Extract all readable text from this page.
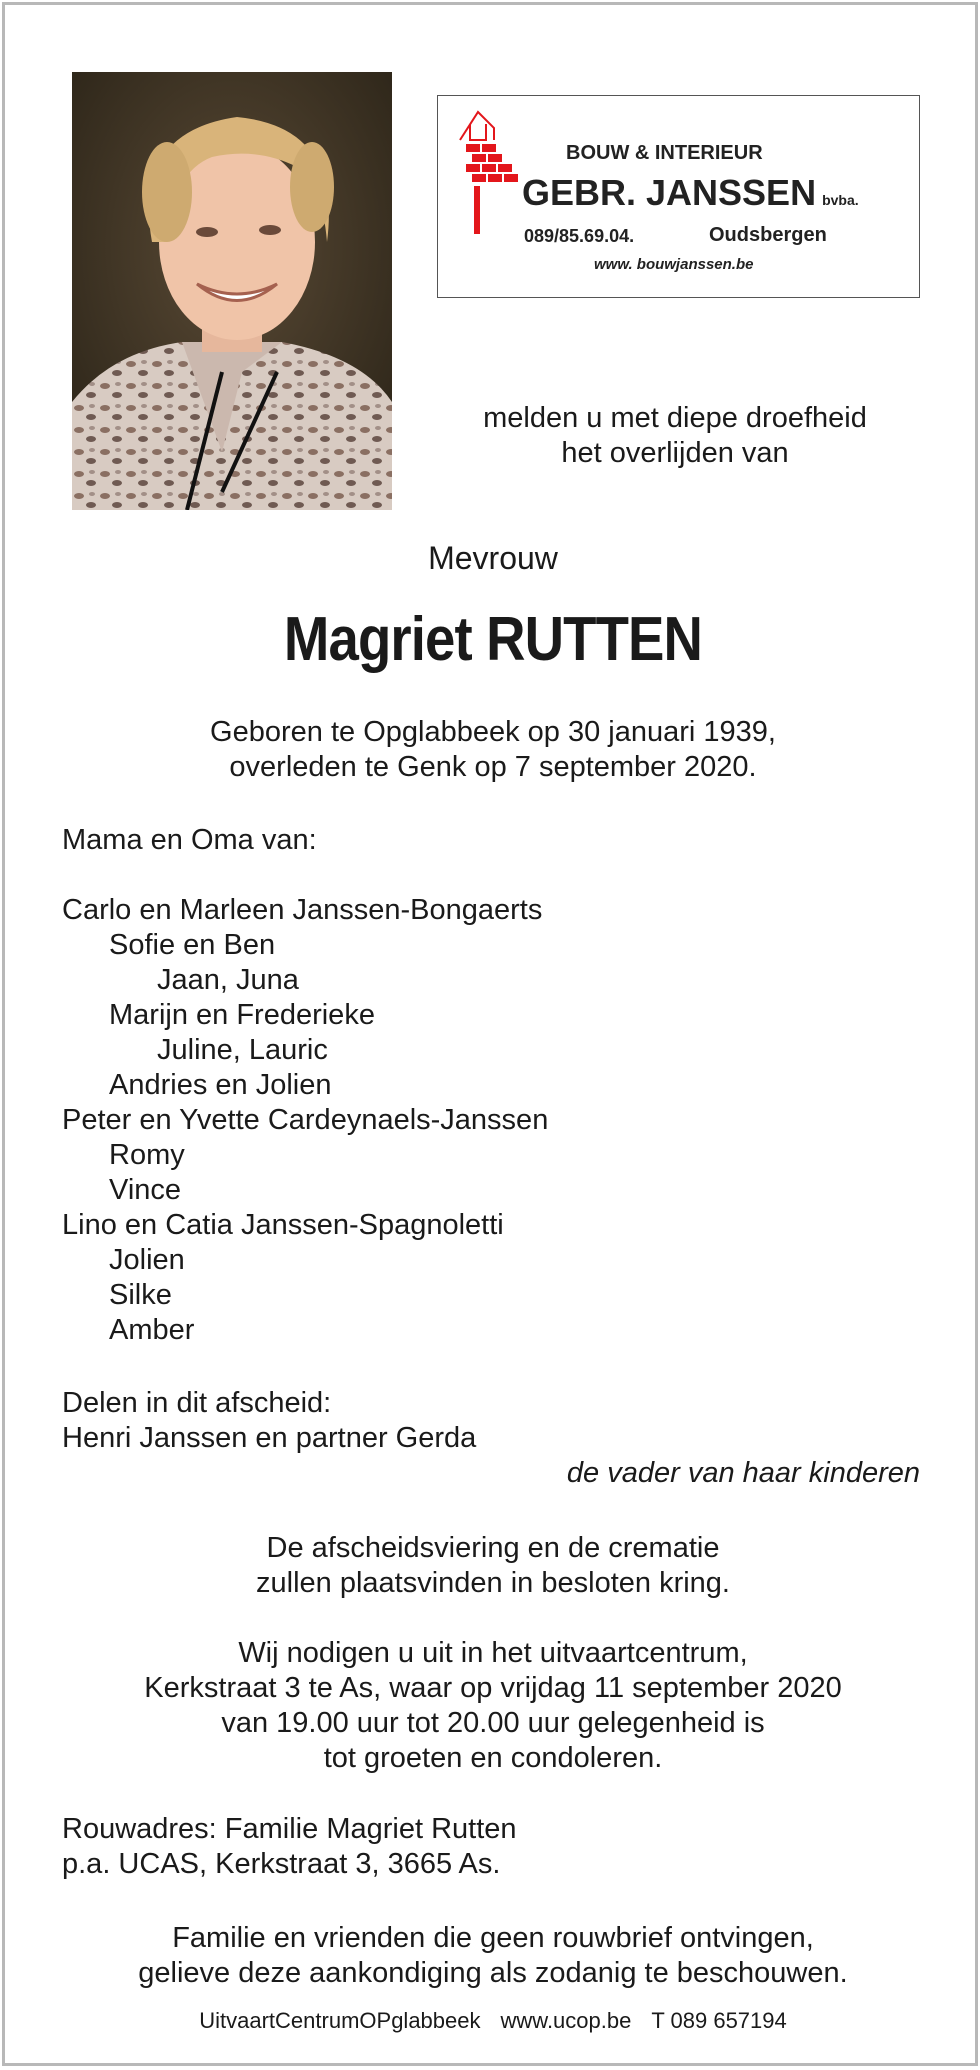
BOUW & INTERIEUR
GEBR. JANSSEN bvba.
089/85.69.04.	Oudsbergen
www. bouwjanssen.be
melden u met diepe droefheid
het overlijden van
Mevrouw
Magriet RUTTEN
Geboren te Opglabbeek op 30 januari 1939,
overleden te Genk op 7 september 2020.
Mama en Oma van:
Carlo en Marleen Janssen-Bongaerts
Sofie en Ben
Jaan, Juna
Marijn en Frederieke
Juline, Lauric
Andries en Jolien
Peter en Yvette Cardeynaels-Janssen
Romy
Vince
Lino en Catia Janssen-Spagnoletti
Jolien
Silke
Amber
Delen in dit afscheid:
Henri Janssen en partner Gerda
de vader van haar kinderen
De afscheidsviering en de crematie
zullen plaatsvinden in besloten kring.
Wij nodigen u uit in het uitvaartcentrum,
Kerkstraat 3 te As, waar op vrijdag 11 september 2020
van 19.00 uur tot 20.00 uur gelegenheid is
tot groeten en condoleren.
Rouwadres: Familie Magriet Rutten
p.a. UCAS, Kerkstraat 3, 3665 As.
Familie en vrienden die geen rouwbrief ontvingen,
gelieve deze aankondiging als zodanig te beschouwen.
UitvaartCentrumOPglabbeek www.ucop.be T 089 657194
